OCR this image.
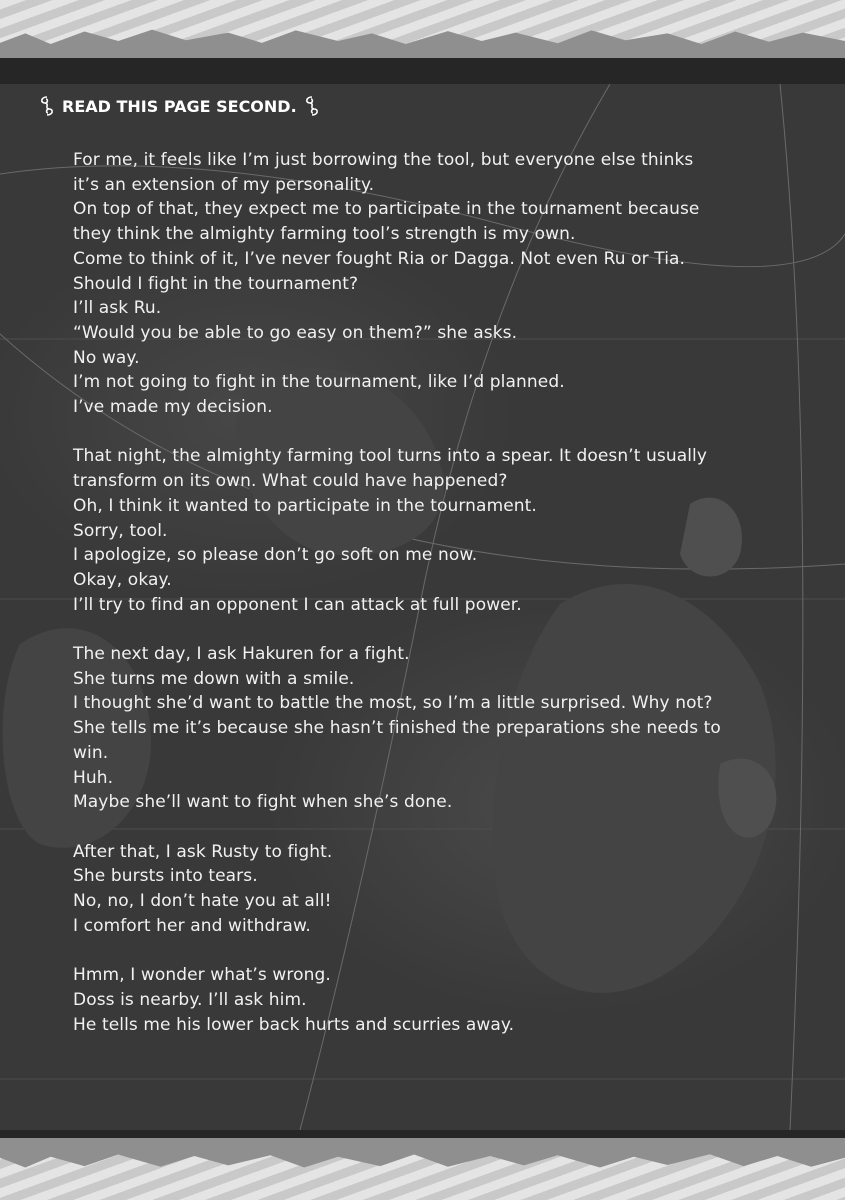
READ THIS PAGE SECOND.

For me, it feels like I’m just borrowing the tool, but everyone else thinks
it’s an extension of my personality.
On top of that, they expect me to participate in the tournament because
they think the almighty farming tool’s strength is my own.
Come to think of it, I’ve never fought Ria or Dagga. Not even Ru or Tia.
Should I fight in the tournament?
I’ll ask Ru.
“Would you be able to go easy on them?” she asks.
No way.
I’m not going to fight in the tournament, like I’d planned.
I’ve made my decision.

That night, the almighty farming tool turns into a spear. It doesn’t usually
transform on its own. What could have happened?
Oh, I think it wanted to participate in the tournament.
Sorry, tool.
I apologize, so please don’t go soft on me now.
Okay, okay.
I’ll try to find an opponent I can attack at full power.

The next day, I ask Hakuren for a fight.
She turns me down with a smile.
I thought she’d want to battle the most, so I’m a little surprised. Why not?
She tells me it’s because she hasn’t finished the preparations she needs to
win.
Huh.
Maybe she’ll want to fight when she’s done.

After that, I ask Rusty to fight.
She bursts into tears.
No, no, I don’t hate you at all!
I comfort her and withdraw.

Hmm, I wonder what’s wrong.
Doss is nearby. I’ll ask him.
He tells me his lower back hurts and scurries away.
